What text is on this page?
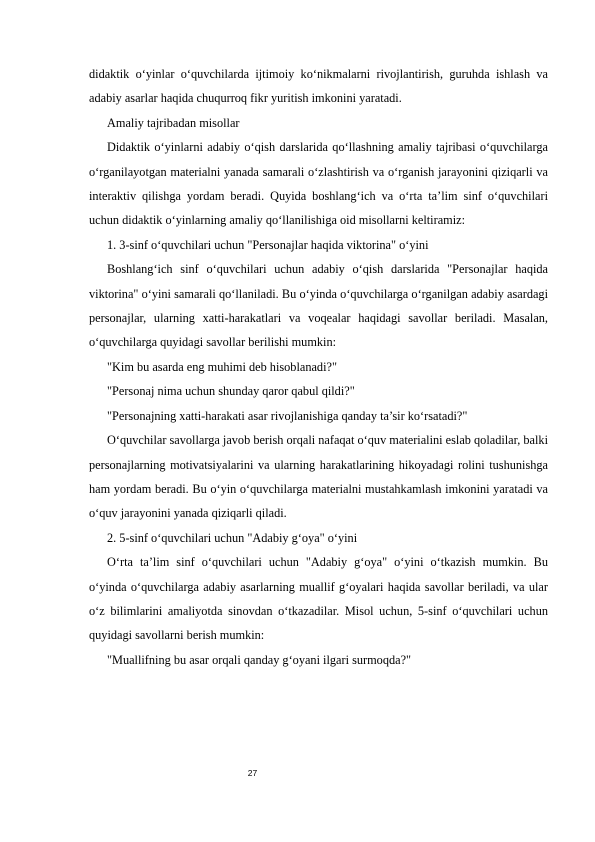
didaktik o‘yinlar o‘quvchilarda ijtimoiy ko‘nikmalarni rivojlantirish, guruhda ishlash va adabiy asarlar haqida chuqurroq fikr yuritish imkonini yaratadi.

Amaliy tajribadan misollar

Didaktik o‘yinlarni adabiy o‘qish darslarida qo‘llashning amaliy tajribasi o‘quvchilarga o‘rganilayotgan materialni yanada samarali o‘zlashtirish va o‘rganish jarayonini qiziqarli va interaktiv qilishga yordam beradi. Quyida boshlang‘ich va o‘rta ta’lim sinf o‘quvchilari uchun didaktik o‘yinlarning amaliy qo‘llanilishiga oid misollarni keltiramiz:

1. 3-sinf o‘quvchilari uchun "Personajlar haqida viktorina" o‘yini

Boshlang‘ich sinf o‘quvchilari uchun adabiy o‘qish darslarida "Personajlar haqida viktorina" o‘yini samarali qo‘llaniladi. Bu o‘yinda o‘quvchilarga o‘rganilgan adabiy asardagi personajlar, ularning xatti-harakatlari va voqealar haqidagi savollar beriladi. Masalan, o‘quvchilarga quyidagi savollar berilishi mumkin:

"Kim bu asarda eng muhimi deb hisoblanadi?"

"Personaj nima uchun shunday qaror qabul qildi?"

"Personajning xatti-harakati asar rivojlanishiga qanday ta’sir ko‘rsatadi?"

O‘quvchilar savollarga javob berish orqali nafaqat o‘quv materialini eslab qoladilar, balki personajlarning motivatsiyalarini va ularning harakatlarining hikoyadagi rolini tushunishga ham yordam beradi. Bu o‘yin o‘quvchilarga materialni mustahkamlash imkonini yaratadi va o‘quv jarayonini yanada qiziqarli qiladi.

2. 5-sinf o‘quvchilari uchun "Adabiy g‘oya" o‘yini

O‘rta ta’lim sinf o‘quvchilari uchun "Adabiy g‘oya" o‘yini o‘tkazish mumkin. Bu o‘yinda o‘quvchilarga adabiy asarlarning muallif g‘oyalari haqida savollar beriladi, va ular o‘z bilimlarini amaliyotda sinovdan o‘tkazadilar. Misol uchun, 5-sinf o‘quvchilari uchun quyidagi savollarni berish mumkin:

"Muallifning bu asar orqali qanday g‘oyani ilgari surmoqda?"

27
